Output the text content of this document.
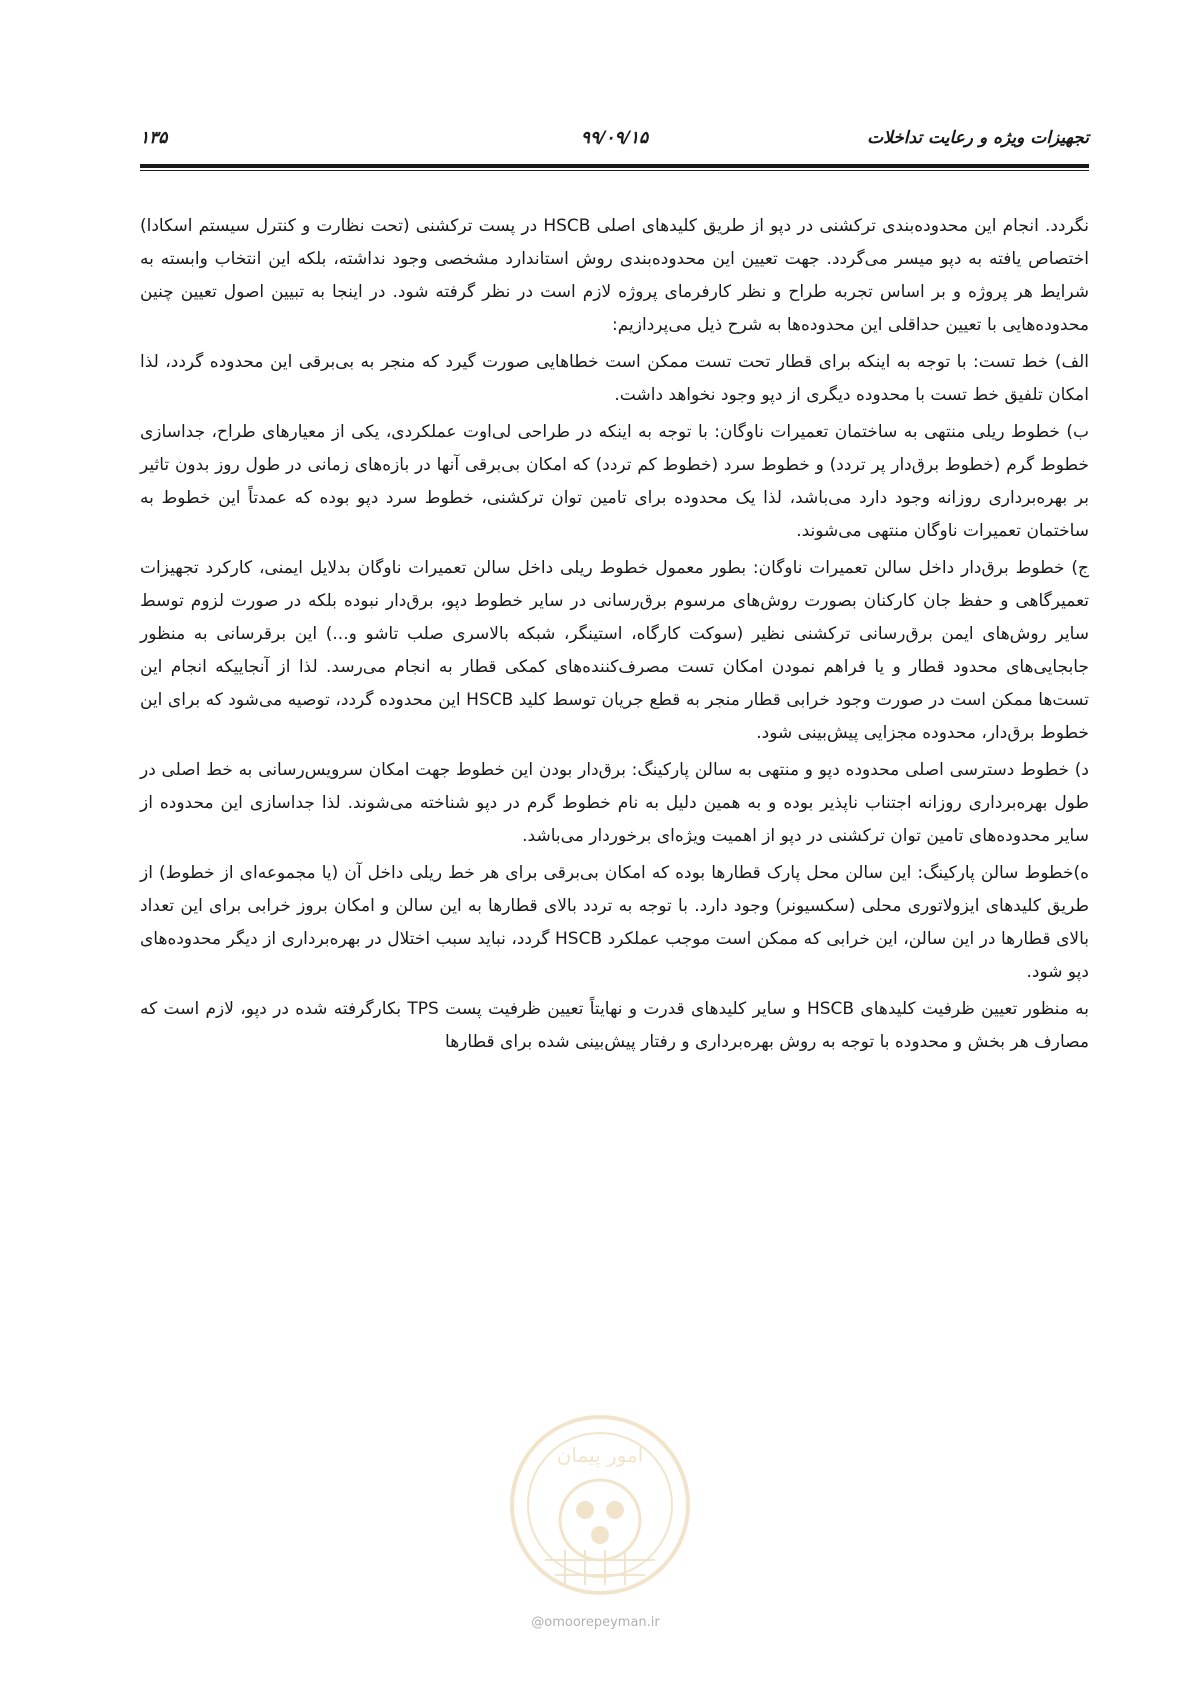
تجهیزات ویژه و رعایت تداخلات
۹۹/۰۹/۱۵
۱۳۵

نگردد. انجام این محدوده‌بندی ترکشنی در دپو از طریق کلیدهای اصلی HSCB در پست ترکشنی (تحت نظارت و کنترل سیستم اسکادا) اختصاص یافته به دپو میسر می‌گردد. جهت تعیین این محدوده‌بندی روش استاندارد مشخصی وجود نداشته، بلکه این انتخاب وابسته به شرایط هر پروژه و بر اساس تجربه طراح و نظر کارفرمای پروژه لازم است در نظر گرفته شود. در اینجا به تبیین اصول تعیین چنین محدوده‌هایی با تعیین حداقلی این محدوده‌ها به شرح ذیل می‌پردازیم:

الف) خط تست: با توجه به اینکه برای قطار تحت تست ممکن است خطاهایی صورت گیرد که منجر به بی‌برقی این محدوده گردد، لذا امکان تلفیق خط تست با محدوده دیگری از دپو وجود نخواهد داشت.

ب) خطوط ریلی منتهی به ساختمان تعمیرات ناوگان: با توجه به اینکه در طراحی لی‌اوت عملکردی، یکی از معیارهای طراح، جداسازی خطوط گرم (خطوط برق‌دار پر تردد) و خطوط سرد (خطوط کم تردد) که امکان بی‌برقی آنها در بازه‌های زمانی در طول روز بدون تاثیر بر بهره‌برداری روزانه وجود دارد می‌باشد، لذا یک محدوده برای تامین توان ترکشنی، خطوط سرد دپو بوده که عمدتاً این خطوط به ساختمان تعمیرات ناوگان منتهی می‌شوند.

ج) خطوط برق‌دار داخل سالن تعمیرات ناوگان: بطور معمول خطوط ریلی داخل سالن تعمیرات ناوگان بدلایل ایمنی، کارکرد تجهیزات تعمیرگاهی و حفظ جان کارکنان بصورت روش‌های مرسوم برق‌رسانی در سایر خطوط دپو، برق‌دار نبوده بلکه در صورت لزوم توسط سایر روش‌های ایمن برق‌رسانی ترکشنی نظیر (سوکت کارگاه، استینگر، شبکه بالاسری صلب تاشو و...) این برقرسانی به منظور جابجایی‌های محدود قطار و یا فراهم نمودن امکان تست مصرف‌کننده‌های کمکی قطار به انجام می‌رسد. لذا از آنجاییکه انجام این تست‌ها ممکن است در صورت وجود خرابی قطار منجر به قطع جریان توسط کلید HSCB این محدوده گردد، توصیه می‌شود که برای این خطوط برق‌دار، محدوده مجزایی پیش‌بینی شود.

د) خطوط دسترسی اصلی محدوده دپو و منتهی به سالن پارکینگ: برق‌دار بودن این خطوط جهت امکان سرویس‌رسانی به خط اصلی در طول بهره‌برداری روزانه اجتناب ناپذیر بوده و به همین دلیل به نام خطوط گرم در دپو شناخته می‌شوند. لذا جداسازی این محدوده از سایر محدوده‌های تامین توان ترکشنی در دپو از اهمیت ویژه‌ای برخوردار می‌باشد.

ه)خطوط سالن پارکینگ: این سالن محل پارک قطارها بوده که امکان بی‌برقی برای هر خط ریلی داخل آن (یا مجموعه‌ای از خطوط) از طریق کلیدهای ایزولاتوری محلی (سکسیونر) وجود دارد. با توجه به تردد بالای قطارها به این سالن و امکان بروز خرابی برای این تعداد بالای قطارها در این سالن، این خرابی که ممکن است موجب عملکرد HSCB گردد، نباید سبب اختلال در بهره‌برداری از دیگر محدوده‌های دپو شود.

به منظور تعیین ظرفیت کلیدهای HSCB و سایر کلیدهای قدرت و نهایتاً تعیین ظرفیت پست TPS بکارگرفته شده در دپو، لازم است که مصارف هر بخش و محدوده با توجه به روش بهره‌برداری و رفتار پیش‌بینی شده برای قطارها

امور پیمان
@omoorepeyman.ir
